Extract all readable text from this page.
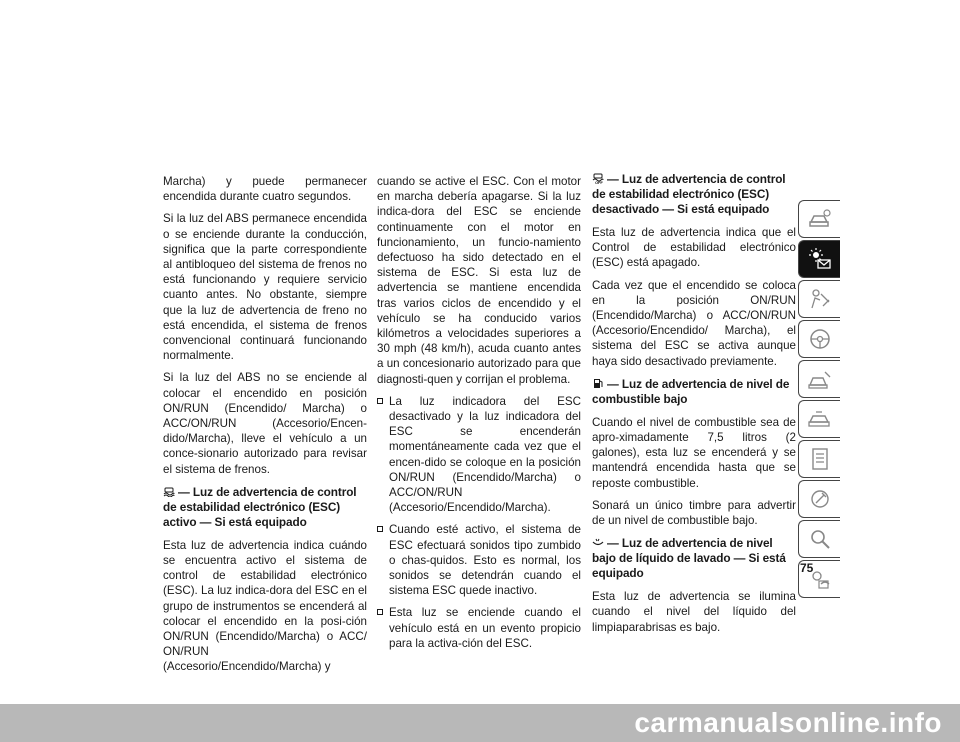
Marcha) y puede permanecer encendida durante cuatro segundos.

Si la luz del ABS permanece encendida o se enciende durante la conducción, significa que la parte correspondiente al antibloqueo del sistema de frenos no está funcionando y requiere servicio cuanto antes. No obstante, siempre que la luz de advertencia de freno no está encendida, el sistema de frenos convencional continuará funcionando normalmente.

Si la luz del ABS no se enciende al colocar el encendido en posición ON/RUN (Encendido/ Marcha) o ACC/ON/RUN (Accesorio/Encen-dido/Marcha), lleve el vehículo a un conce-sionario autorizado para revisar el sistema de frenos.

— Luz de advertencia de control de estabilidad electrónico (ESC) activo — Si está equipado

Esta luz de advertencia indica cuándo se encuentra activo el sistema de control de estabilidad electrónico (ESC). La luz indica-dora del ESC en el grupo de instrumentos se encenderá al colocar el encendido en la posi-ción ON/RUN (Encendido/Marcha) o ACC/ ON/RUN (Accesorio/Encendido/Marcha) y

cuando se active el ESC. Con el motor en marcha debería apagarse. Si la luz indica-dora del ESC se enciende continuamente con el motor en funcionamiento, un funcio-namiento defectuoso ha sido detectado en el sistema de ESC. Si esta luz de advertencia se mantiene encendida tras varios ciclos de encendido y el vehículo se ha conducido varios kilómetros a velocidades superiores a 30 mph (48 km/h), acuda cuanto antes a un concesionario autorizado para que diagnosti-quen y corrijan el problema.

La luz indicadora del ESC desactivado y la luz indicadora del ESC se encenderán momentáneamente cada vez que el encen-dido se coloque en la posición ON/RUN (Encendido/Marcha) o ACC/ON/RUN (Accesorio/Encendido/Marcha).
Cuando esté activo, el sistema de ESC efectuará sonidos tipo zumbido o chas-quidos. Esto es normal, los sonidos se detendrán cuando el sistema ESC quede inactivo.
Esta luz se enciende cuando el vehículo está en un evento propicio para la activa-ción del ESC.
OFF — Luz de advertencia de control de estabilidad electrónico (ESC) desactivado — Si está equipado

Esta luz de advertencia indica que el Control de estabilidad electrónico (ESC) está apagado.

Cada vez que el encendido se coloca en la posición ON/RUN (Encendido/Marcha) o ACC/ON/RUN (Accesorio/Encendido/ Marcha), el sistema del ESC se activa aunque haya sido desactivado previamente.

— Luz de advertencia de nivel de combustible bajo

Cuando el nivel de combustible sea de apro-ximadamente 7,5 litros (2 galones), esta luz se encenderá y se mantendrá encendida hasta que se reposte combustible.

Sonará un único timbre para advertir de un nivel de combustible bajo.

— Luz de advertencia de nivel bajo de líquido de lavado — Si está equipado

Esta luz de advertencia se ilumina cuando el nivel del líquido del limpiaparabrisas es bajo.

75
carmanualsonline.info
